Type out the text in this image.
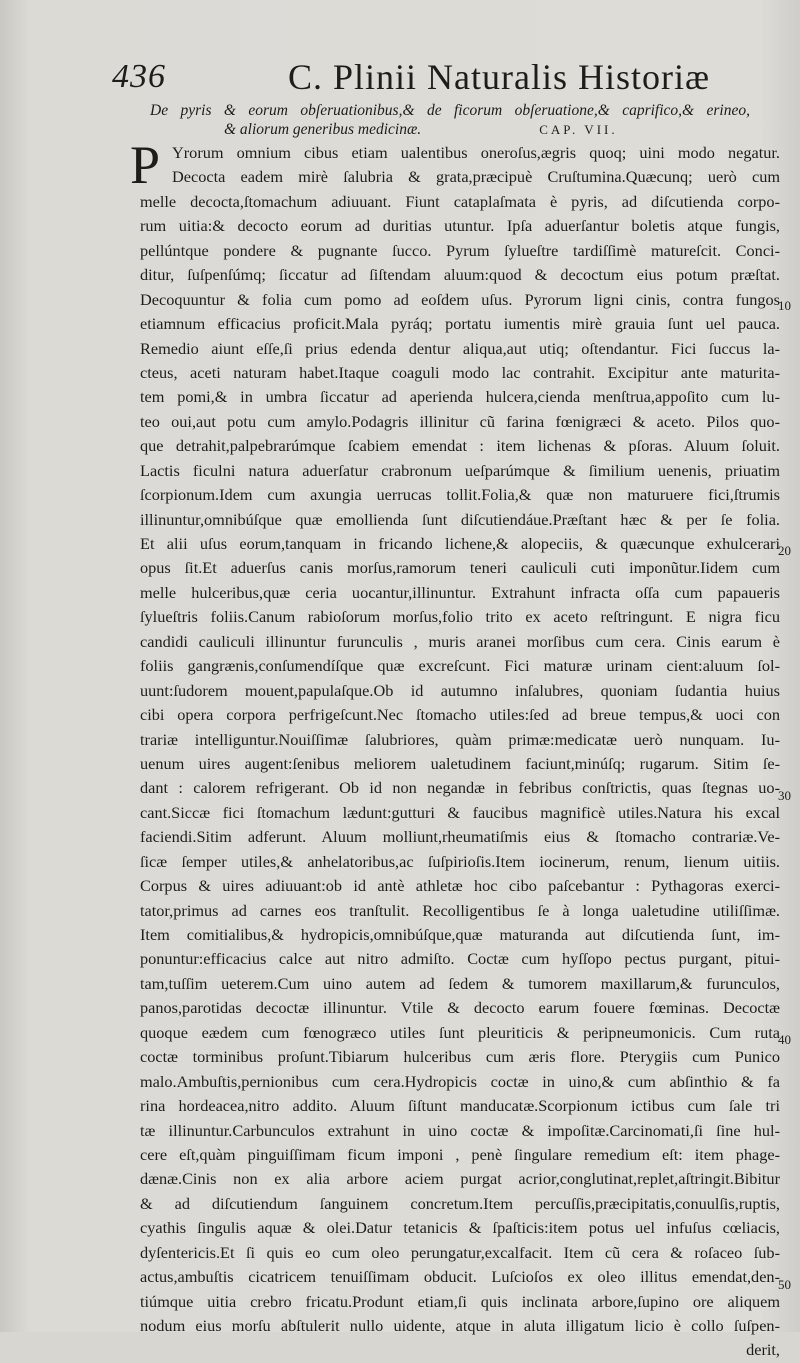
436	C. Plinii Naturalis Historiæ
De pyris & eorum obſeruationibus,& de ficorum obſeruatione,& caprifico,& erineo,
& aliorum generibus medicinæ.	CAP. VII.
P Yrorum omnium cibus etiam ualentibus oneroſus,ægris quoq; uini modo negatur.
Decocta eadem mirè ſalubria & grata,præcipuè Cruſtumina.Quæcunq; uerò cum
melle decocta,ſtomachum adiuuant. Fiunt cataplaſmata è pyris, ad diſcutienda corpo-
rum uitia:& decocto eorum ad duritias utuntur. Ipſa aduerſantur boletis atque fungis,
pellúntque pondere & pugnante ſucco. Pyrum ſylueſtre tardiſſimè matureſcit. Conci-
ditur, ſuſpenſúmq; ſiccatur ad ſiſtendam aluum:quod & decoctum eius potum præſtat.
Decoquuntur & folia cum pomo ad eoſdem uſus. Pyrorum ligni cinis, contra fungos
etiamnum efficacius proficit.Mala pyráq; portatu iumentis mirè grauia ſunt uel pauca.
Remedio aiunt eſſe,ſi prius edenda dentur aliqua,aut utiq; oſtendantur. Fici ſuccus la-
cteus, aceti naturam habet.Itaque coaguli modo lac contrahit. Excipitur ante maturita-
tem pomi,& in umbra ſiccatur ad aperienda hulcera,cienda menſtrua,appoſito cum lu-
teo oui,aut potu cum amylo.Podagris illinitur cũ farina fœnigræci & aceto. Pilos quo-
que detrahit,palpebrarúmque ſcabiem emendat : item lichenas & pſoras. Aluum ſoluit.
Lactis ficulni natura aduerſatur crabronum ueſparúmque & ſimilium uenenis, priuatim
ſcorpionum.Idem cum axungia uerrucas tollit.Folia,& quæ non maturuere fici,ſtrumis
illinuntur,omnibúſque quæ emollienda ſunt diſcutiendáue.Præſtant hæc & per ſe folia.
Et alii uſus eorum,tanquam in fricando lichene,& alopeciis, & quæcunque exhulcerari
opus ſit.Et aduerſus canis morſus,ramorum teneri cauliculi cuti imponũtur.Iidem cum
melle hulceribus,quæ ceria uocantur,illinuntur. Extrahunt infracta oſſa cum papaueris
ſylueſtris foliis.Canum rabioſorum morſus,folio trito ex aceto reſtringunt. E nigra ficu
candidi cauliculi illinuntur furunculis , muris aranei morſibus cum cera. Cinis earum è
foliis gangrænis,conſumendíſque quæ excreſcunt. Fici maturæ urinam cient:aluum ſol-
uunt:ſudorem mouent,papulaſque.Ob id autumno inſalubres, quoniam ſudantia huius
cibi opera corpora perfrigeſcunt.Nec ſtomacho utiles:ſed ad breue tempus,& uoci con
trariæ intelliguntur.Nouiſſimæ ſalubriores, quàm primæ:medicatæ uerò nunquam. Iu-
uenum uires augent:ſenibus meliorem ualetudinem faciunt,minúſq; rugarum. Sitim ſe-
dant : calorem refrigerant. Ob id non negandæ in febribus conſtrictis, quas ſtegnas uo-
cant.Siccæ fici ſtomachum lædunt:gutturi & faucibus magnificè utiles.Natura his excal
faciendi.Sitim adferunt. Aluum molliunt,rheumatiſmis eius & ſtomacho contrariæ.Ve-
ſicæ ſemper utiles,& anhelatoribus,ac ſuſpirioſis.Item iocinerum, renum, lienum uitiis.
Corpus & uires adiuuant:ob id antè athletæ hoc cibo paſcebantur : Pythagoras exerci-
tator,primus ad carnes eos tranſtulit. Recolligentibus ſe à longa ualetudine utiliſſimæ.
Item comitialibus,& hydropicis,omnibúſque,quæ maturanda aut diſcutienda ſunt, im-
ponuntur:efficacius calce aut nitro admiſto. Coctæ cum hyſſopo pectus purgant, pitui-
tam,tuſſim ueterem.Cum uino autem ad ſedem & tumorem maxillarum,& furunculos,
panos,parotidas decoctæ illinuntur. Vtile & decocto earum fouere fœminas. Decoctæ
quoque eædem cum fœnogræco utiles ſunt pleuriticis & peripneumonicis. Cum ruta
coctæ torminibus proſunt.Tibiarum hulceribus cum æris flore. Pterygiis cum Punico
malo.Ambuſtis,pernionibus cum cera.Hydropicis coctæ in uino,& cum abſinthio & fa
rina hordeacea,nitro addito. Aluum ſiſtunt manducatæ.Scorpionum ictibus cum ſale tri
tæ illinuntur.Carbunculos extrahunt in uino coctæ & impoſitæ.Carcinomati,ſi ſine hul-
cere eſt,quàm pinguiſſimam ficum imponi , penè ſingulare remedium eſt: item phage-
dænæ.Cinis non ex alia arbore aciem purgat acrior,conglutinat,replet,aſtringit.Bibitur
& ad diſcutiendum ſanguinem concretum.Item percuſſis,præcipitatis,conuulſis,ruptis,
cyathis ſingulis aquæ & olei.Datur tetanicis & ſpaſticis:item potus uel infuſus cœliacis,
dyſentericis.Et ſi quis eo cum oleo perungatur,excalfacit. Item cũ cera & roſaceo ſub-
actus,ambuſtis cicatricem tenuiſſimam obducit. Luſcioſos ex oleo illitus emendat,den-
tiúmque uitia crebro fricatu.Produnt etiam,ſi quis inclinata arbore,ſupino ore aliquem
nodum eius morſu abſtulerit nullo uidente, atque in aluta illigatum licio è collo ſuſpen-
derit,
10
20
30
40
50
